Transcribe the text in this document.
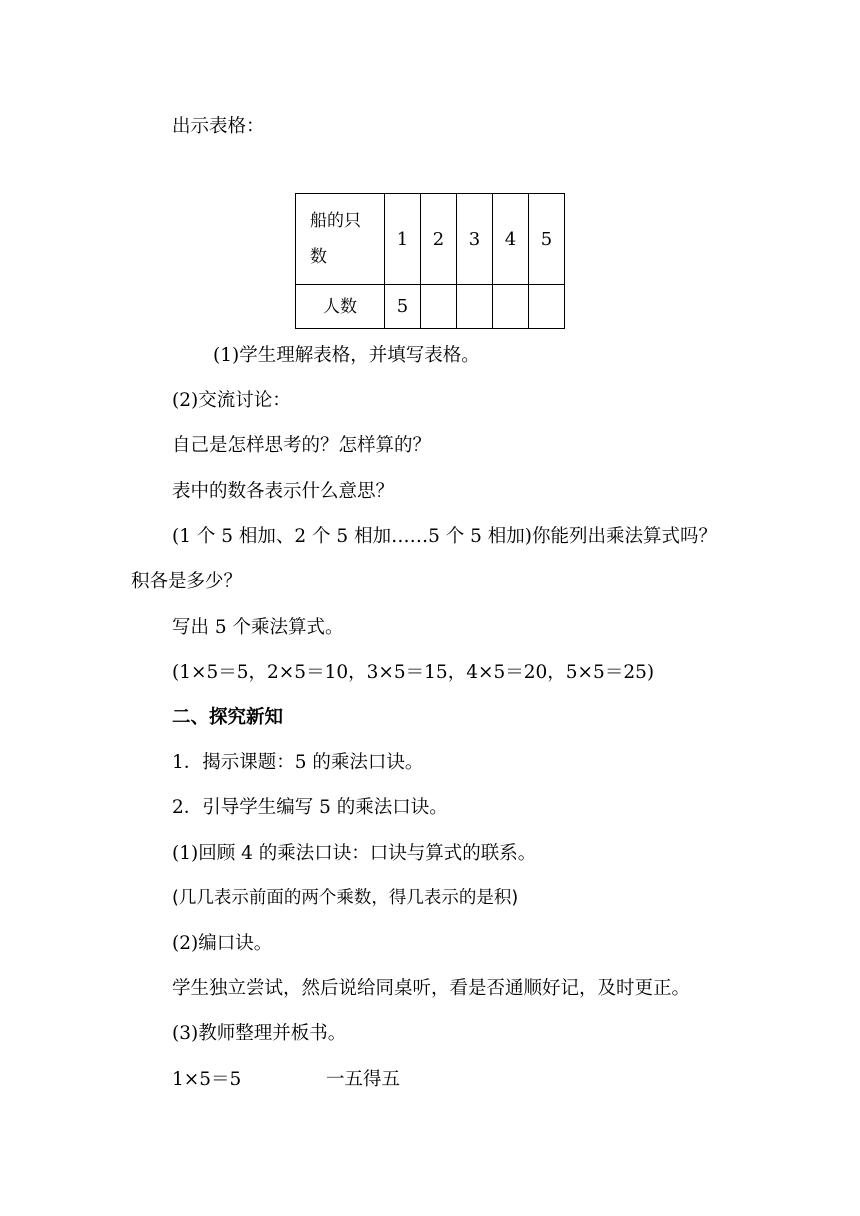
出示表格：
船的只数	1	2	3	4	5
人数	5				
(1)学生理解表格，并填写表格。
(2)交流讨论：
自己是怎样思考的？怎样算的？
表中的数各表示什么意思？
(1 个 5 相加、2 个 5 相加……5 个 5 相加)你能列出乘法算式吗？
积各是多少？
写出 5 个乘法算式。
(1×5＝5，2×5＝10，3×5＝15，4×5＝20，5×5＝25)
二、探究新知
1．揭示课题：5 的乘法口诀。
2．引导学生编写 5 的乘法口诀。
(1)回顾 4 的乘法口诀：口诀与算式的联系。
(几几表示前面的两个乘数，得几表示的是积)
(2)编口诀。
学生独立尝试，然后说给同桌听，看是否通顺好记，及时更正。
(3)教师整理并板书。
1×5＝5	一五得五
